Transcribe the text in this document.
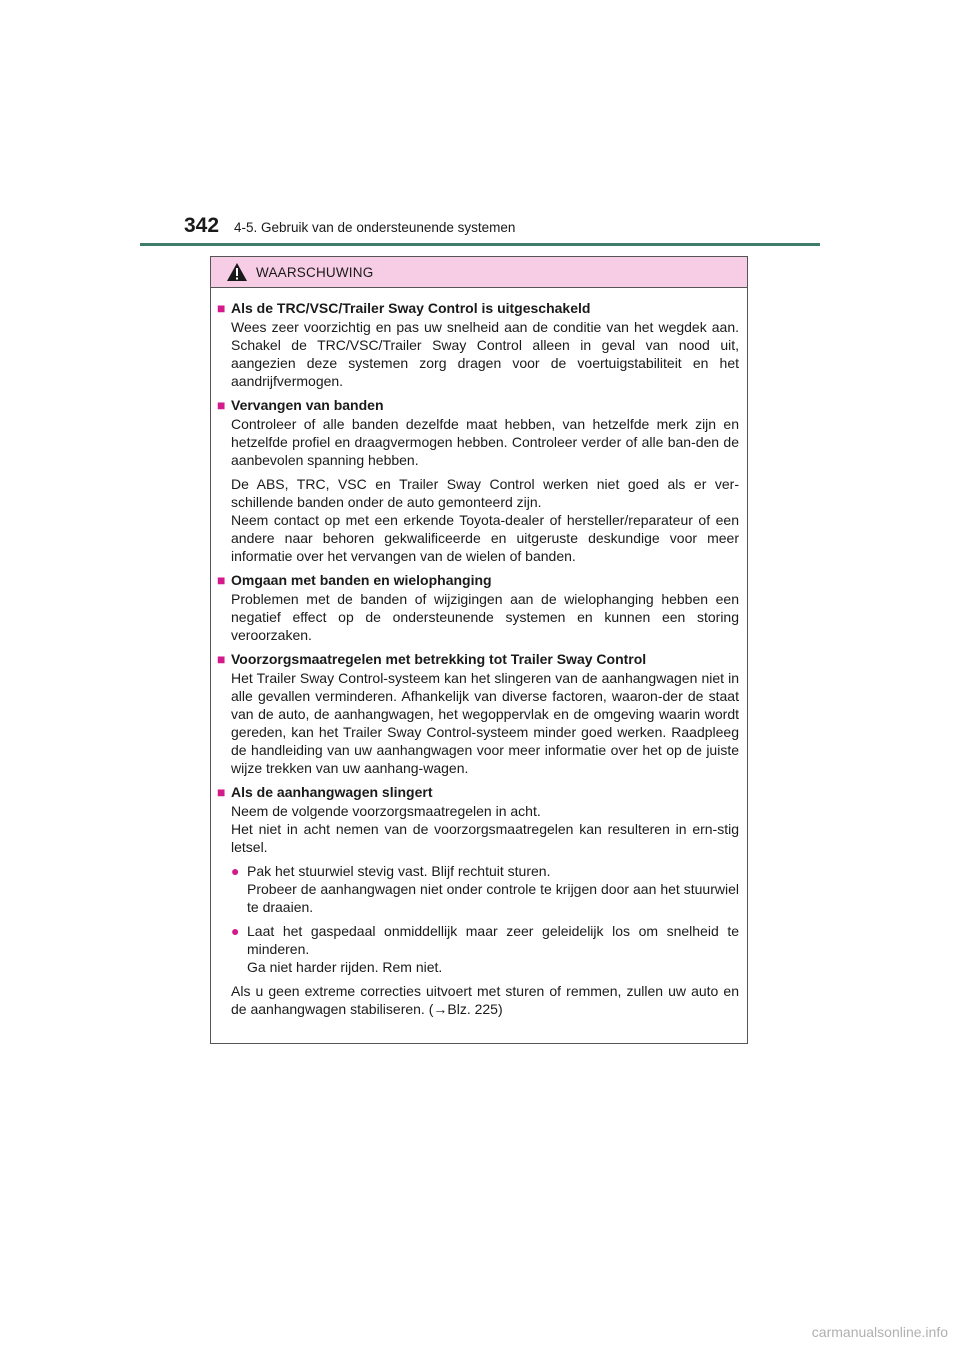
342	4-5. Gebruik van de ondersteunende systemen
WAARSCHUWING
■ Als de TRC/VSC/Trailer Sway Control is uitgeschakeld
Wees zeer voorzichtig en pas uw snelheid aan de conditie van het wegdek aan. Schakel de TRC/VSC/Trailer Sway Control alleen in geval van nood uit, aangezien deze systemen zorg dragen voor de voertuigstabiliteit en het aandrijfvermogen.
■ Vervangen van banden
Controleer of alle banden dezelfde maat hebben, van hetzelfde merk zijn en hetzelfde profiel en draagvermogen hebben. Controleer verder of alle ban-den de aanbevolen spanning hebben.
De ABS, TRC, VSC en Trailer Sway Control werken niet goed als er ver-schillende banden onder de auto gemonteerd zijn.
Neem contact op met een erkende Toyota-dealer of hersteller/reparateur of een andere naar behoren gekwalificeerde en uitgeruste deskundige voor meer informatie over het vervangen van de wielen of banden.
■ Omgaan met banden en wielophanging
Problemen met de banden of wijzigingen aan de wielophanging hebben een negatief effect op de ondersteunende systemen en kunnen een storing veroorzaken.
■ Voorzorgsmaatregelen met betrekking tot Trailer Sway Control
Het Trailer Sway Control-systeem kan het slingeren van de aanhangwagen niet in alle gevallen verminderen. Afhankelijk van diverse factoren, waaron-der de staat van de auto, de aanhangwagen, het wegoppervlak en de omgeving waarin wordt gereden, kan het Trailer Sway Control-systeem minder goed werken. Raadpleeg de handleiding van uw aanhangwagen voor meer informatie over het op de juiste wijze trekken van uw aanhang-wagen.
■ Als de aanhangwagen slingert
Neem de volgende voorzorgsmaatregelen in acht.
Het niet in acht nemen van de voorzorgsmaatregelen kan resulteren in ern-stig letsel.
● Pak het stuurwiel stevig vast. Blijf rechtuit sturen.
Probeer de aanhangwagen niet onder controle te krijgen door aan het stuurwiel te draaien.
● Laat het gaspedaal onmiddellijk maar zeer geleidelijk los om snelheid te minderen.
Ga niet harder rijden. Rem niet.
Als u geen extreme correcties uitvoert met sturen of remmen, zullen uw auto en de aanhangwagen stabiliseren. (→Blz. 225)
carmanualsonline.info
